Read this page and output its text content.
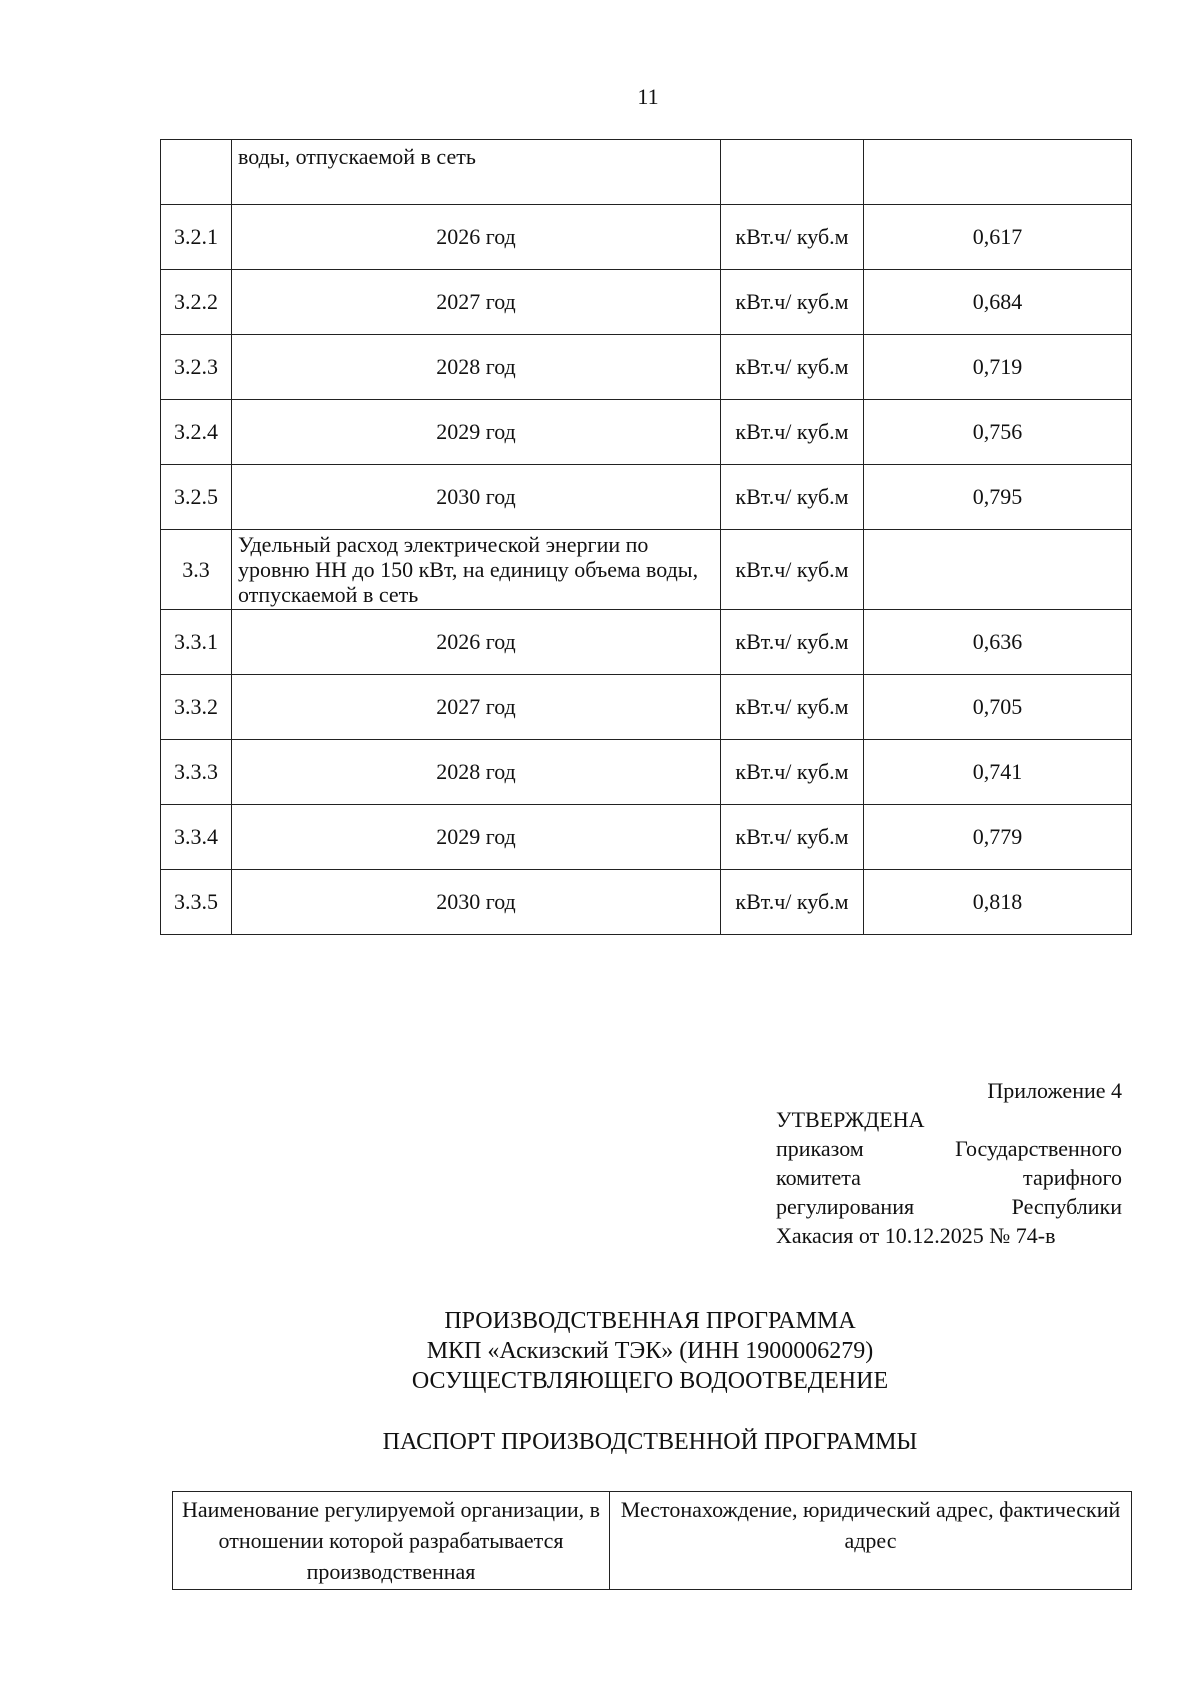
11
	воды, отпускаемой в сеть		
3.2.1	2026 год	кВт.ч/ куб.м	0,617
3.2.2	2027 год	кВт.ч/ куб.м	0,684
3.2.3	2028 год	кВт.ч/ куб.м	0,719
3.2.4	2029 год	кВт.ч/ куб.м	0,756
3.2.5	2030 год	кВт.ч/ куб.м	0,795
3.3	Удельный расход электрической энергии по уровню НН до 150 кВт, на единицу объема воды, отпускаемой в сеть	кВт.ч/ куб.м	
3.3.1	2026 год	кВт.ч/ куб.м	0,636
3.3.2	2027 год	кВт.ч/ куб.м	0,705
3.3.3	2028 год	кВт.ч/ куб.м	0,741
3.3.4	2029 год	кВт.ч/ куб.м	0,779
3.3.5	2030 год	кВт.ч/ куб.м	0,818
Приложение 4
УТВЕРЖДЕНА
приказом Государственного
комитета тарифного
регулирования Республики
Хакасия от 10.12.2025 № 74-в
ПРОИЗВОДСТВЕННАЯ ПРОГРАММА
МКП «Аскизский ТЭК» (ИНН 1900006279)
ОСУЩЕСТВЛЯЮЩЕГО ВОДООТВЕДЕНИЕ
ПАСПОРТ ПРОИЗВОДСТВЕННОЙ ПРОГРАММЫ
Наименование регулируемой организации, в отношении которой разрабатывается производственная	Местонахождение, юридический адрес, фактический адрес
